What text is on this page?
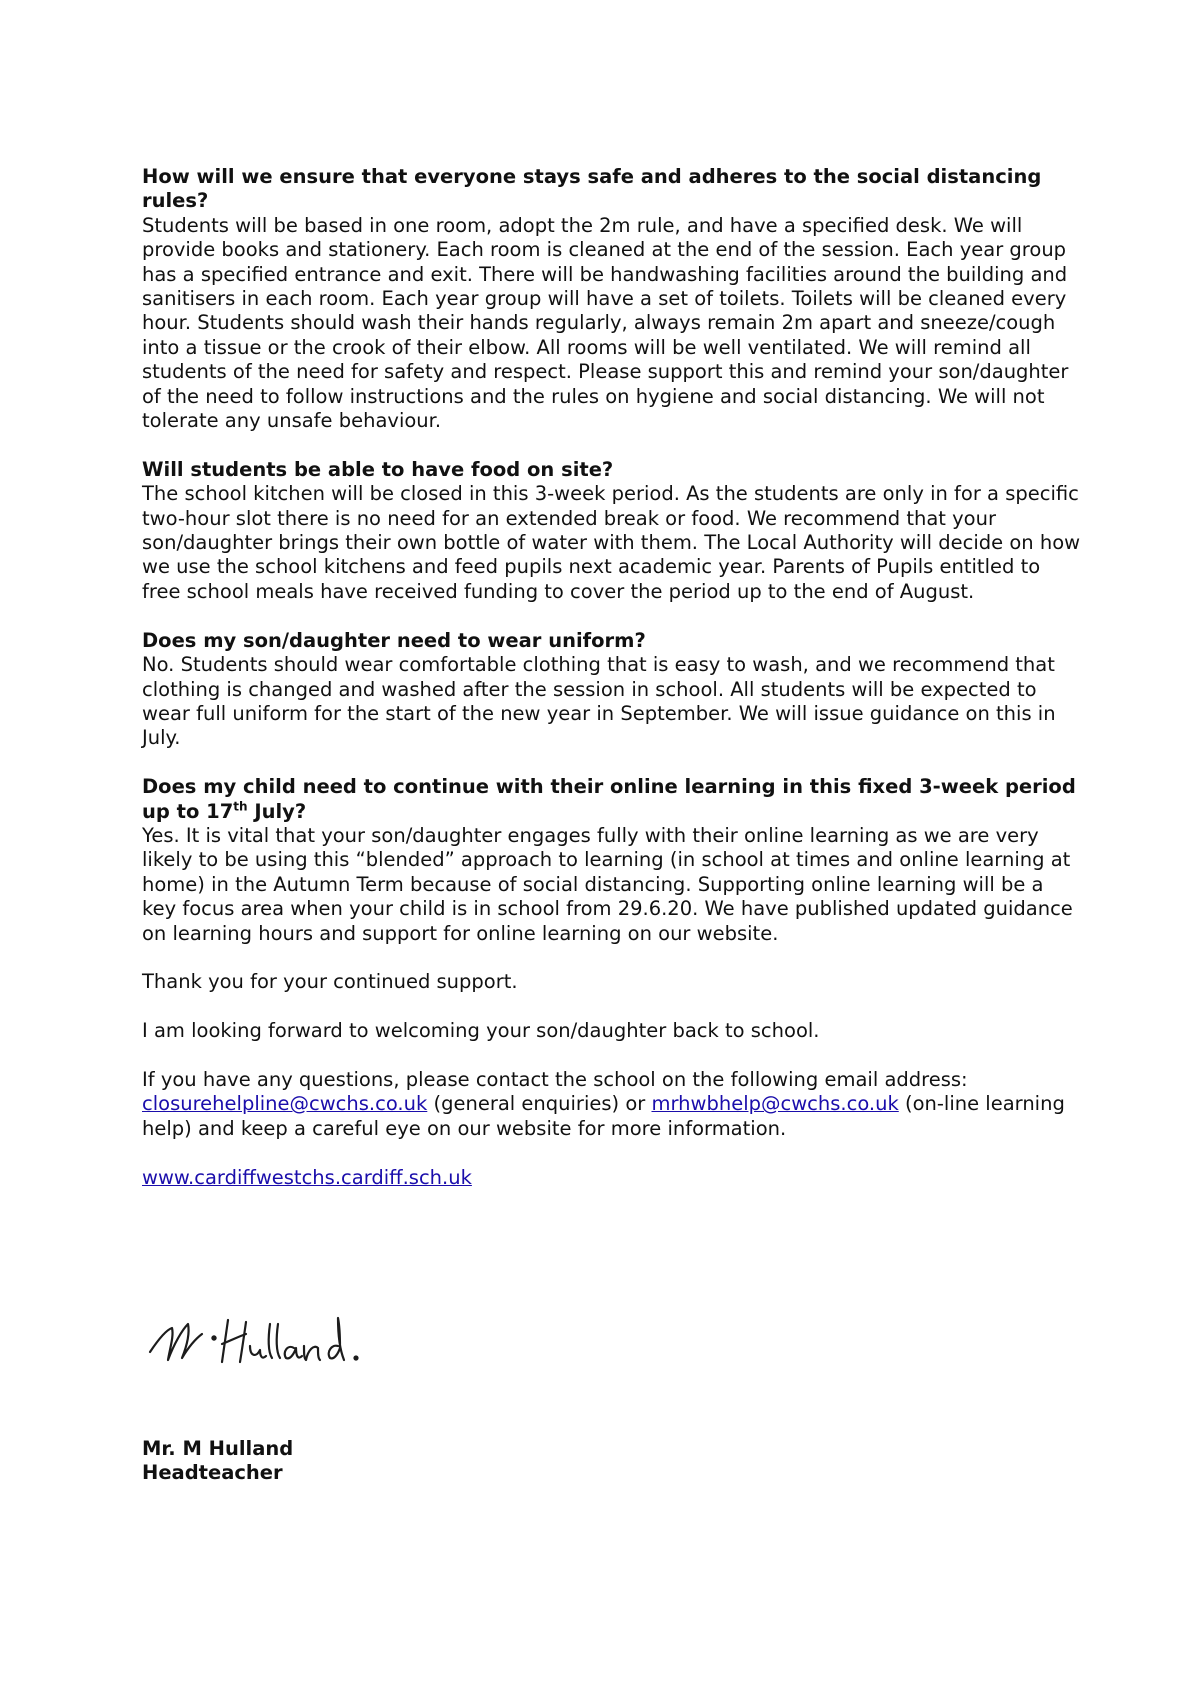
How will we ensure that everyone stays safe and adheres to the social distancing rules?

Students will be based in one room, adopt the 2m rule, and have a specified desk. We will provide books and stationery. Each room is cleaned at the end of the session. Each year group has a specified entrance and exit. There will be handwashing facilities around the building and sanitisers in each room. Each year group will have a set of toilets. Toilets will be cleaned every hour. Students should wash their hands regularly, always remain 2m apart and sneeze/cough into a tissue or the crook of their elbow. All rooms will be well ventilated. We will remind all students of the need for safety and respect. Please support this and remind your son/daughter of the need to follow instructions and the rules on hygiene and social distancing. We will not tolerate any unsafe behaviour.

Will students be able to have food on site?

The school kitchen will be closed in this 3-week period. As the students are only in for a specific two-hour slot there is no need for an extended break or food. We recommend that your son/daughter brings their own bottle of water with them. The Local Authority will decide on how we use the school kitchens and feed pupils next academic year. Parents of Pupils entitled to free school meals have received funding to cover the period up to the end of August.

Does my son/daughter need to wear uniform?

No. Students should wear comfortable clothing that is easy to wash, and we recommend that clothing is changed and washed after the session in school. All students will be expected to wear full uniform for the start of the new year in September. We will issue guidance on this in July.

Does my child need to continue with their online learning in this fixed 3-week period up to 17th July?

Yes. It is vital that your son/daughter engages fully with their online learning as we are very likely to be using this “blended” approach to learning (in school at times and online learning at home) in the Autumn Term because of social distancing. Supporting online learning will be a key focus area when your child is in school from 29.6.20. We have published updated guidance on learning hours and support for online learning on our website.

Thank you for your continued support.

I am looking forward to welcoming your son/daughter back to school.

If you have any questions, please contact the school on the following email address: closurehelpline@cwchs.co.uk (general enquiries) or mrhwbhelp@cwchs.co.uk (on-line learning help) and keep a careful eye on our website for more information.

www.cardiffwestchs.cardiff.sch.uk

Mr. M Hulland
Headteacher
